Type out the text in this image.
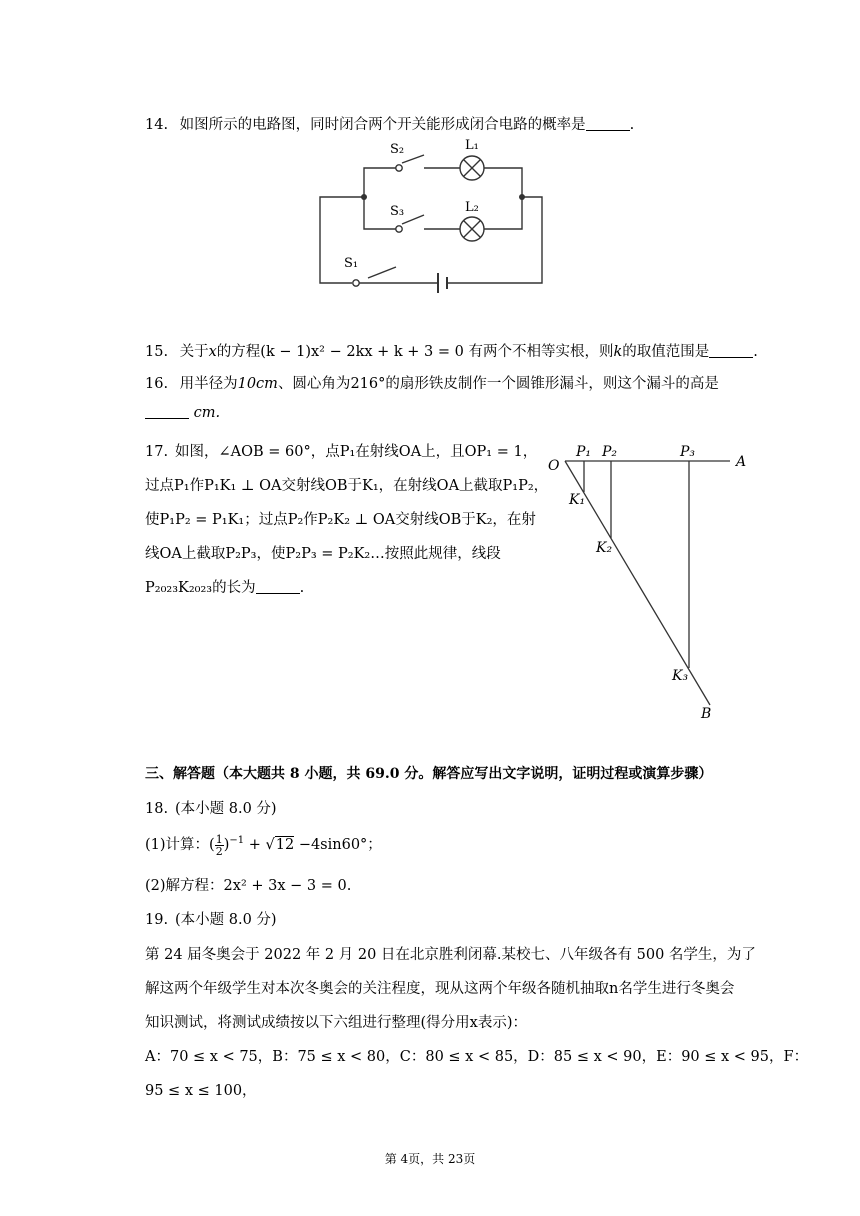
14. 如图所示的电路图，同时闭合两个开关能形成闭合电路的概率是	.
S₂	L₁
S₃	L₂
S₁
15. 关于x的方程(k − 1)x² − 2kx + k + 3 = 0 有两个不相等实根，则k的取值范围是	.
16. 用半径为10cm、圆心角为216°的扇形铁皮制作一个圆锥形漏斗，则这个漏斗的高是
cm.
17. 如图，∠AOB = 60°，点P₁在射线OA上，且OP₁ = 1，
过点P₁作P₁K₁ ⊥ OA交射线OB于K₁，在射线OA上截取P₁P₂，
使P₁P₂ = P₁K₁；过点P₂作P₂K₂ ⊥ OA交射线OB于K₂，在射
线OA上截取P₂P₃，使P₂P₃ = P₂K₂…按照此规律，线段
P₂₀₂₃K₂₀₂₃的长为	.
O	A
B
P₁ P₂	P₃
K₁
K₂
K₃
三、解答题（本大题共 8 小题，共 69.0 分。解答应写出文字说明，证明过程或演算步骤）
18. (本小题 8.0 分)
(1)计算：( $\frac{1}{2} )^{-1} + √12 -4\sin 60^\circ$；
(2)解方程：2x² + 3x − 3 = 0.
19. (本小题 8.0 分)
第 24 届冬奥会于 2022 年 2 月 20 日在北京胜利闭幕.某校七、八年级各有 500 名学生，为了
解这两个年级学生对本次冬奥会的关注程度，现从这两个年级各随机抽取n名学生进行冬奥会
知识测试，将测试成绩按以下六组进行整理(得分用x表示)：
A：70 ≤ x < 75，B：75 ≤ x < 80，C：80 ≤ x < 85，D：85 ≤ x < 90，E：90 ≤ x < 95，F：
95 ≤ x ≤ 100，
第 4页，共 23页
